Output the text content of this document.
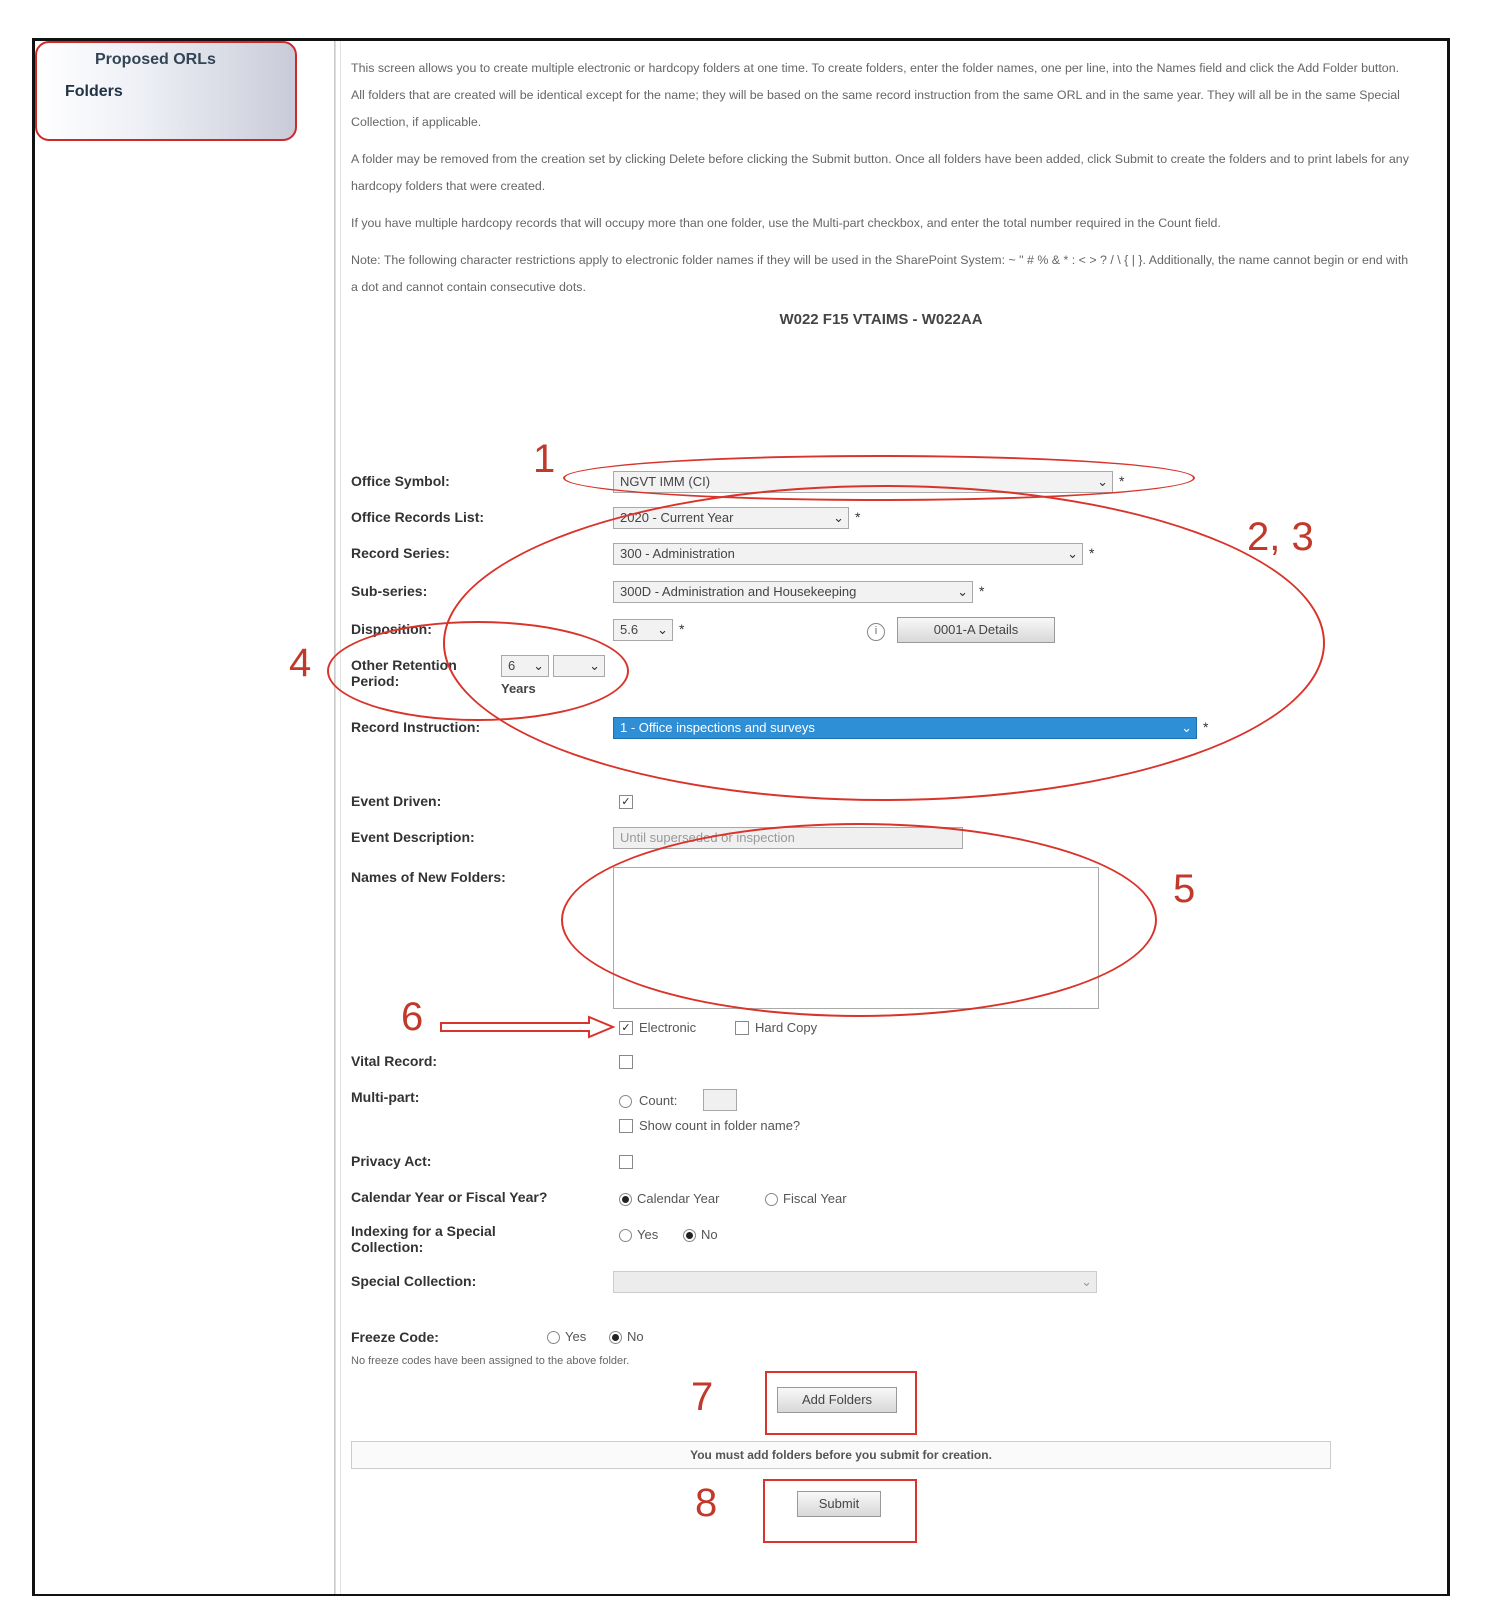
Proposed ORLs
Folders

This screen allows you to create multiple electronic or hardcopy folders at one time. To create folders, enter the folder names, one per line, into the Names field and click the Add Folder button. All folders that are created will be identical except for the name; they will be based on the same record instruction from the same ORL and in the same year. They will all be in the same Special Collection, if applicable.

A folder may be removed from the creation set by clicking Delete before clicking the Submit button. Once all folders have been added, click Submit to create the folders and to print labels for any hardcopy folders that were created.

If you have multiple hardcopy records that will occupy more than one folder, use the Multi-part checkbox, and enter the total number required in the Count field.

Note: The following character restrictions apply to electronic folder names if they will be used in the SharePoint System: ~ " # % & * : < > ? / \ { | }. Additionally, the name cannot begin or end with a dot and cannot contain consecutive dots.

W022 F15 VTAIMS - W022AA

Office Symbol:	NGVT IMM (CI)	⌄ *
Office Records List:	2020 - Current Year	⌄ *
Record Series:	300 - Administration	⌄ *
Sub-series:	300D - Administration and Housekeeping	⌄ *
Disposition:	5.6 ⌄ *	i	0001-A Details
Other Retention Period:
6 ⌄	⌄
Years
Record Instruction:	1 - Office inspections and surveys	⌄ *
Event Driven:	✓
Event Description:	Until superseded or inspection
Names of New Folders:
✓ Electronic	Hard Copy
Vital Record:
Multi-part:	Count:
Show count in folder name?
Privacy Act:
Calendar Year or Fiscal Year?	Calendar Year	Fiscal Year
Indexing for a Special Collection:
Yes	No
Special Collection:	⌄
Freeze Code:	Yes	No
No freeze codes have been assigned to the above folder.
Add Folders
You must add folders before you submit for creation.
Submit
1
2, 3
4
5
6
7
8
